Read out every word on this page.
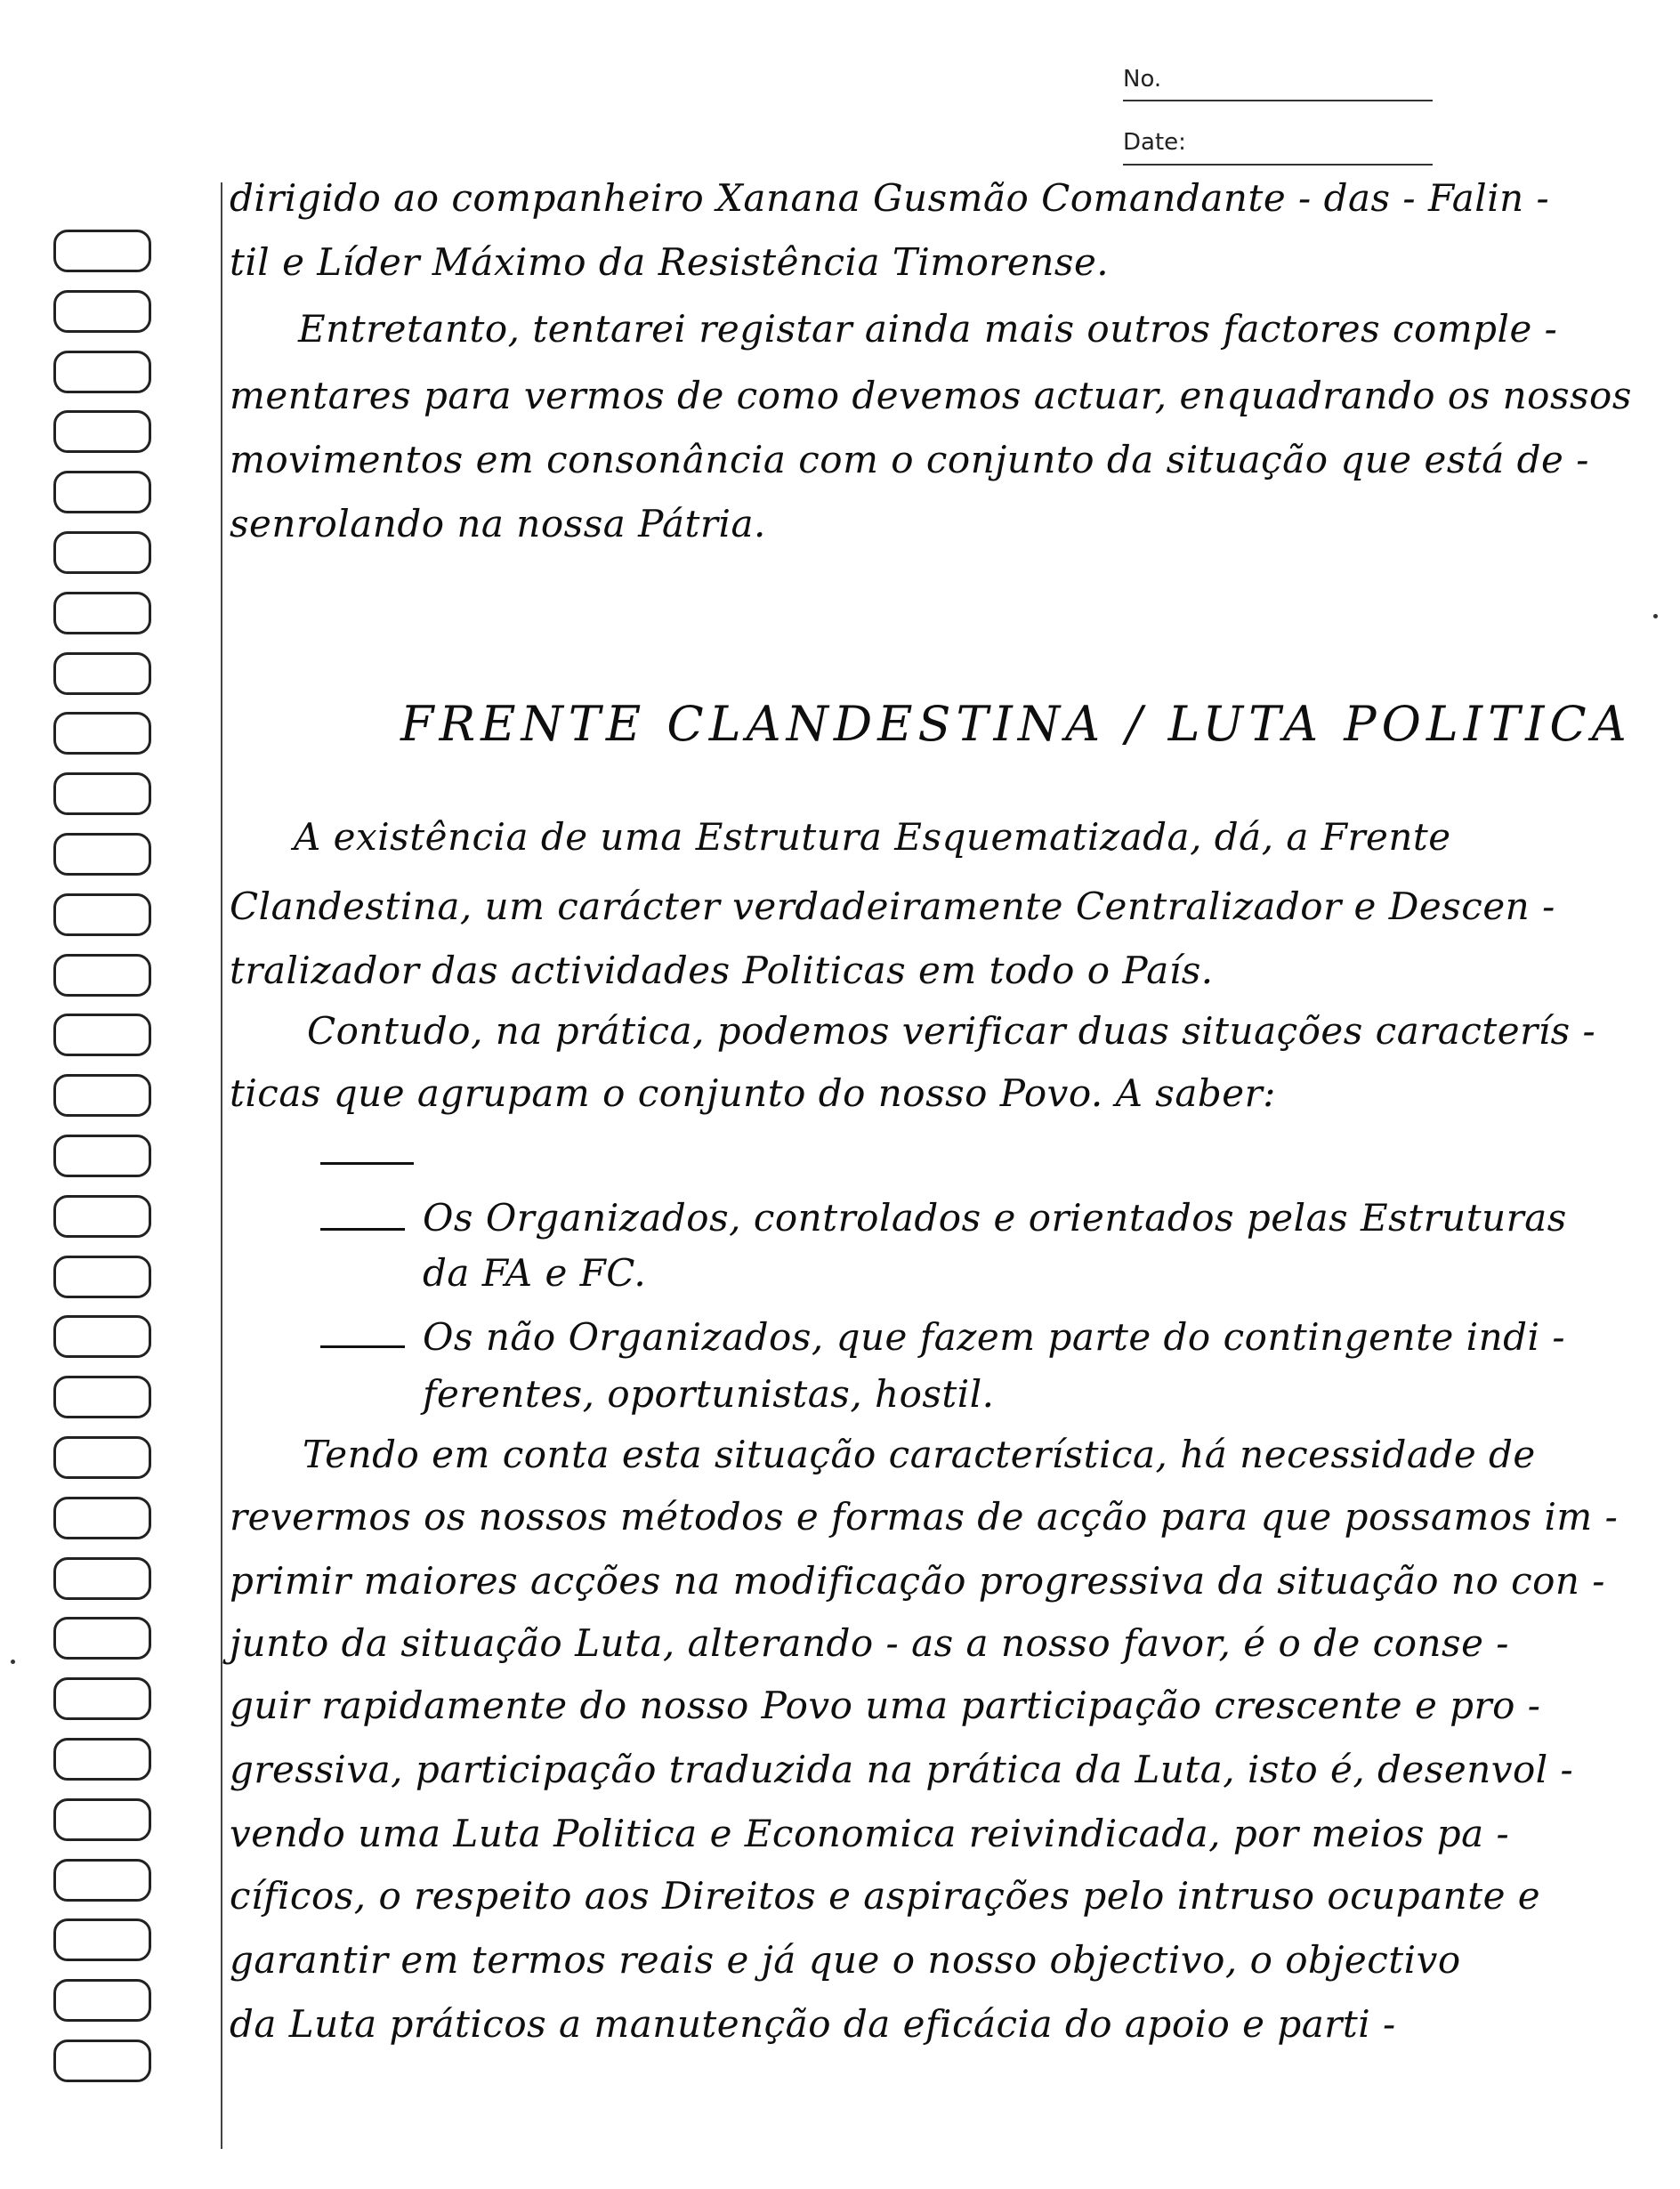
No.
Date:
dirigido ao companheiro Xanana Gusmão Comandante - das - Falin -
til e Líder Máximo da Resistência Timorense.
Entretanto, tentarei registar ainda mais outros factores comple -
mentares para vermos de como devemos actuar, enquadrando os nossos
movimentos em consonância com o conjunto da situação que está de -
senrolando na nossa Pátria.
FRENTE CLANDESTINA / LUTA POLITICA
A existência de uma Estrutura Esquematizada, dá, a Frente
Clandestina, um carácter verdadeiramente Centralizador e Descen -
tralizador das actividades Politicas em todo o País.
Contudo, na prática, podemos verificar duas situações caracterís -
ticas que agrupam o conjunto do nosso Povo. A saber:
Os Organizados, controlados e orientados pelas Estruturas
da FA e FC.
Os não Organizados, que fazem parte do contingente indi -
ferentes, oportunistas, hostil.
Tendo em conta esta situação característica, há necessidade de
revermos os nossos métodos e formas de acção para que possamos im -
primir maiores acções na modificação progressiva da situação no con -
junto da situação Luta, alterando - as a nosso favor, é o de conse -
guir rapidamente do nosso Povo uma participação crescente e pro -
gressiva, participação traduzida na prática da Luta, isto é, desenvol -
vendo uma Luta Politica e Economica reivindicada, por meios pa -
cíficos, o respeito aos Direitos e aspirações pelo intruso ocupante e
garantir em termos reais e já que o nosso objectivo, o objectivo
da Luta práticos a manutenção da eficácia do apoio e parti -
